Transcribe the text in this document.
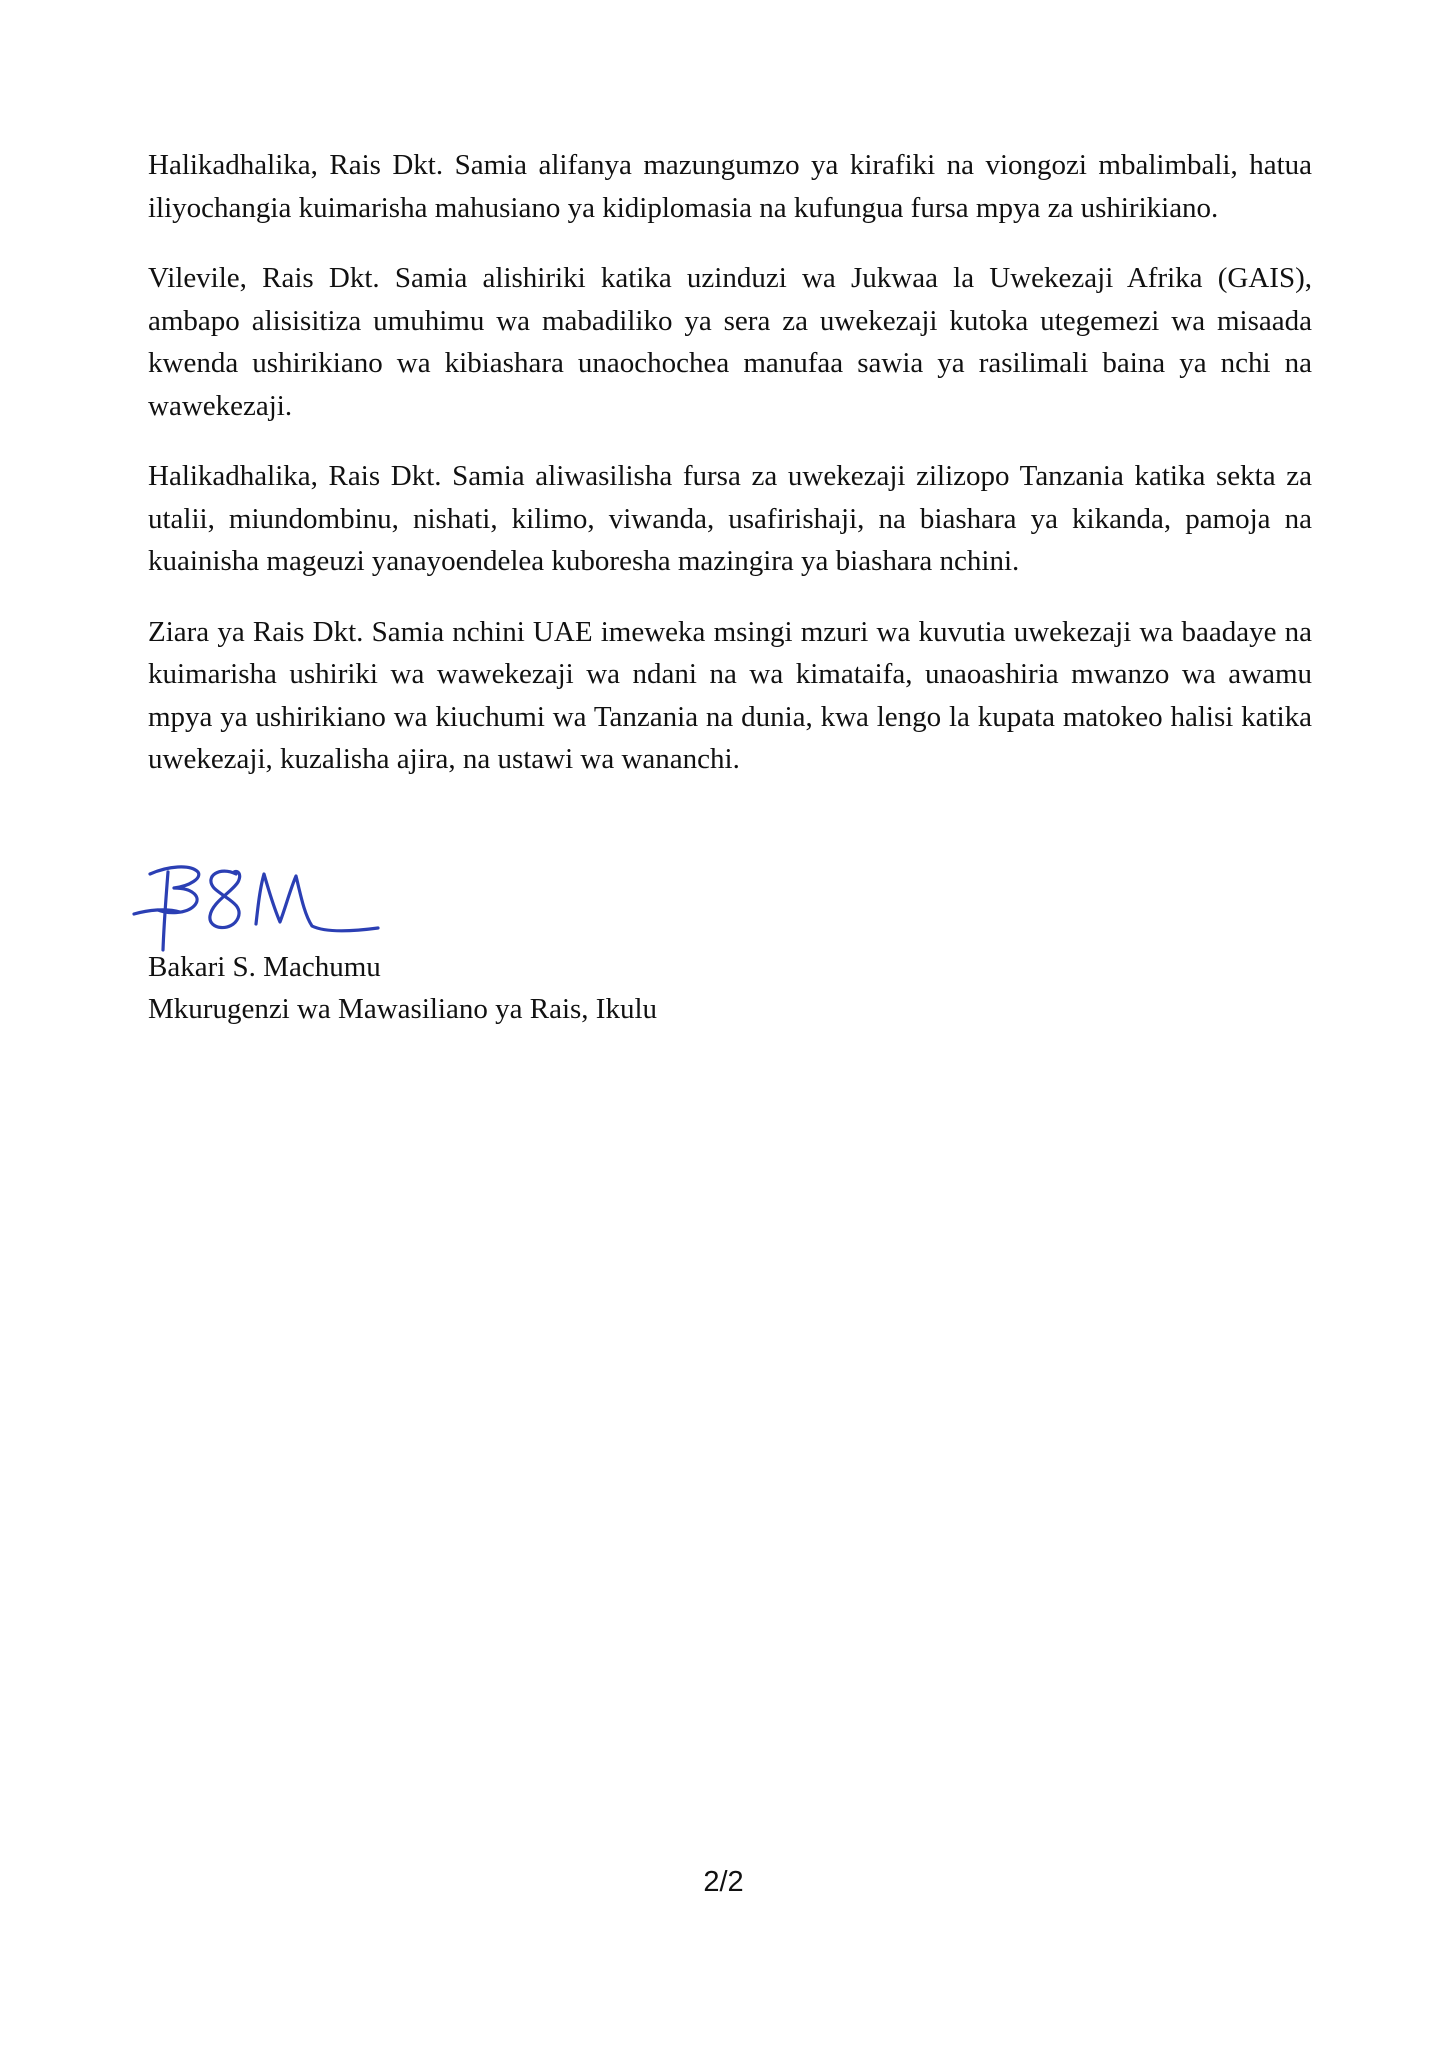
Halikadhalika, Rais Dkt. Samia alifanya mazungumzo ya kirafiki na viongozi mbalimbali, hatua iliyochangia kuimarisha mahusiano ya kidiplomasia na kufungua fursa mpya za ushirikiano.

Vilevile, Rais Dkt. Samia alishiriki katika uzinduzi wa Jukwaa la Uwekezaji Afrika (GAIS), ambapo alisisitiza umuhimu wa mabadiliko ya sera za uwekezaji kutoka utegemezi wa misaada kwenda ushirikiano wa kibiashara unaochochea manufaa sawia ya rasilimali baina ya nchi na wawekezaji.

Halikadhalika, Rais Dkt. Samia aliwasilisha fursa za uwekezaji zilizopo Tanzania katika sekta za utalii, miundombinu, nishati, kilimo, viwanda, usafirishaji, na biashara ya kikanda, pamoja na kuainisha mageuzi yanayoendelea kuboresha mazingira ya biashara nchini.

Ziara ya Rais Dkt. Samia nchini UAE imeweka msingi mzuri wa kuvutia uwekezaji wa baadaye na kuimarisha ushiriki wa wawekezaji wa ndani na wa kimataifa, unaoashiria mwanzo wa awamu mpya ya ushirikiano wa kiuchumi wa Tanzania na dunia, kwa lengo la kupata matokeo halisi katika uwekezaji, kuzalisha ajira, na ustawi wa wananchi.

Bakari S. Machumu
Mkurugenzi wa Mawasiliano ya Rais, Ikulu
2/2
